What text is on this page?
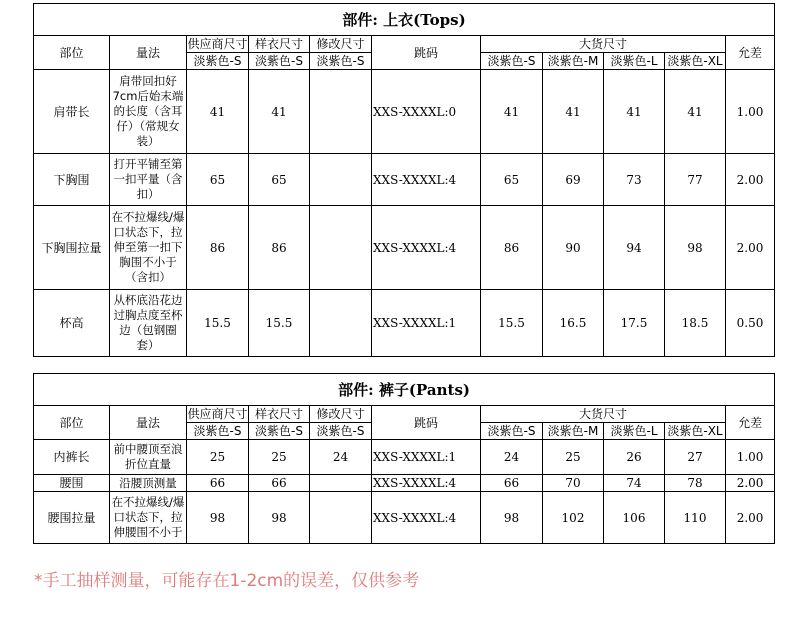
部件: 上衣(Tops)										
部位	量法	供应商尺寸	样衣尺寸	修改尺寸	跳码	大货尺寸				允差
		淡紫色-S	淡紫色-S	淡紫色-S		淡紫色-S	淡紫色-M	淡紫色-L	淡紫色-XL	
肩带长	肩带回扣好7cm后始末端的长度（含耳仔）（常规女装）	41	41		XXS-XXXXL:0	41	41	41	41	1.00
下胸围	打开平铺至第一扣平量（含扣）	65	65		XXS-XXXXL:4	65	69	73	77	2.00
下胸围拉量	在不拉爆线/爆口状态下，拉伸至第一扣下胸围不小于（含扣）	86	86		XXS-XXXXL:4	86	90	94	98	2.00
杯高	从杯底沿花边过胸点度至杯边（包钢圈套）	15.5	15.5		XXS-XXXXL:1	15.5	16.5	17.5	18.5	0.50
部件: 裤子(Pants)										
部位	量法	供应商尺寸	样衣尺寸	修改尺寸	跳码	大货尺寸				允差
		淡紫色-S	淡紫色-S	淡紫色-S		淡紫色-S	淡紫色-M	淡紫色-L	淡紫色-XL	
内裤长	前中腰顶至浪折位直量	25	25	24	XXS-XXXXL:1	24	25	26	27	1.00
腰围	沿腰顶测量	66	66		XXS-XXXXL:4	66	70	74	78	2.00
腰围拉量	在不拉爆线/爆口状态下，拉伸腰围不小于	98	98		XXS-XXXXL:4	98	102	106	110	2.00
*手工抽样测量，可能存在1-2cm的误差，仅供参考
